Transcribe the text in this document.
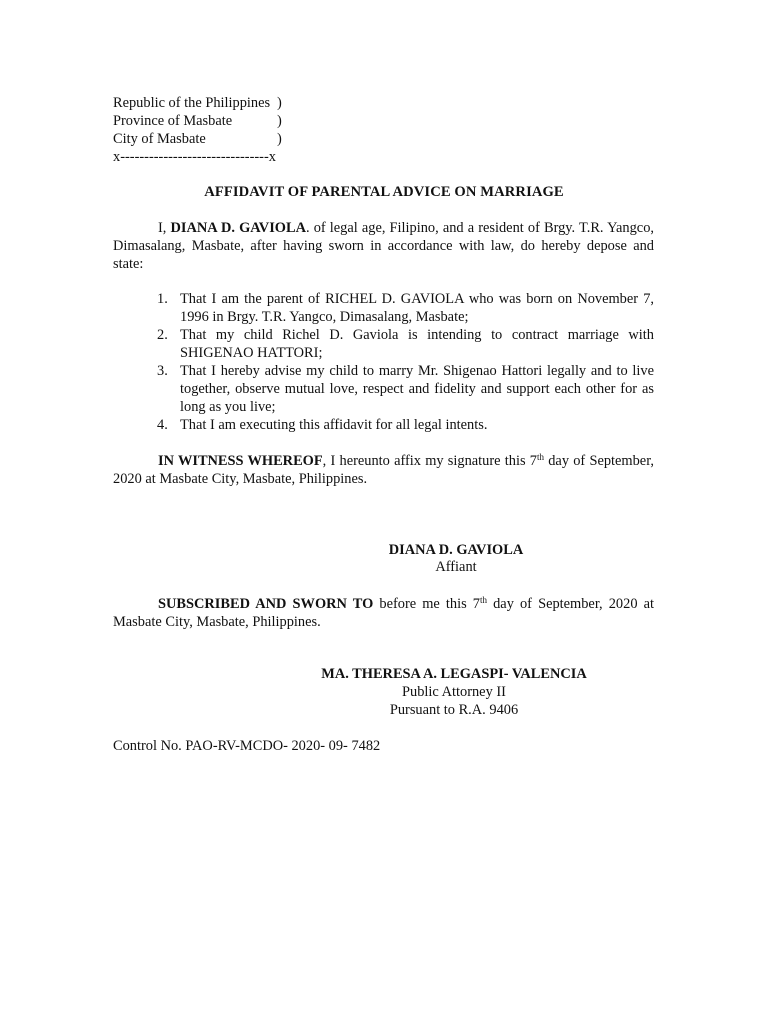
Republic of the Philippines )
Province of Masbate	)
City of Masbate	)
x-------------------------------x
AFFIDAVIT OF PARENTAL ADVICE ON MARRIAGE
I, DIANA D. GAVIOLA. of legal age, Filipino, and a resident of Brgy. T.R. Yangco, Dimasalang, Masbate, after having sworn in accordance with law, do hereby depose and state:
1. That I am the parent of RICHEL D. GAVIOLA who was born on November 7, 1996 in Brgy. T.R. Yangco, Dimasalang, Masbate;
2. That my child Richel D. Gaviola is intending to contract marriage with SHIGENAO HATTORI;
3. That I hereby advise my child to marry Mr. Shigenao Hattori legally and to live together, observe mutual love, respect and fidelity and support each other for as long as you live;
4. That I am executing this affidavit for all legal intents.
IN WITNESS WHEREOF, I hereunto affix my signature this 7th day of September, 2020 at Masbate City, Masbate, Philippines.
DIANA D. GAVIOLA
Affiant
SUBSCRIBED AND SWORN TO before me this 7th day of September, 2020 at Masbate City, Masbate, Philippines.
MA. THERESA A. LEGASPI- VALENCIA
Public Attorney II
Pursuant to R.A. 9406
Control No. PAO-RV-MCDO- 2020- 09- 7482
